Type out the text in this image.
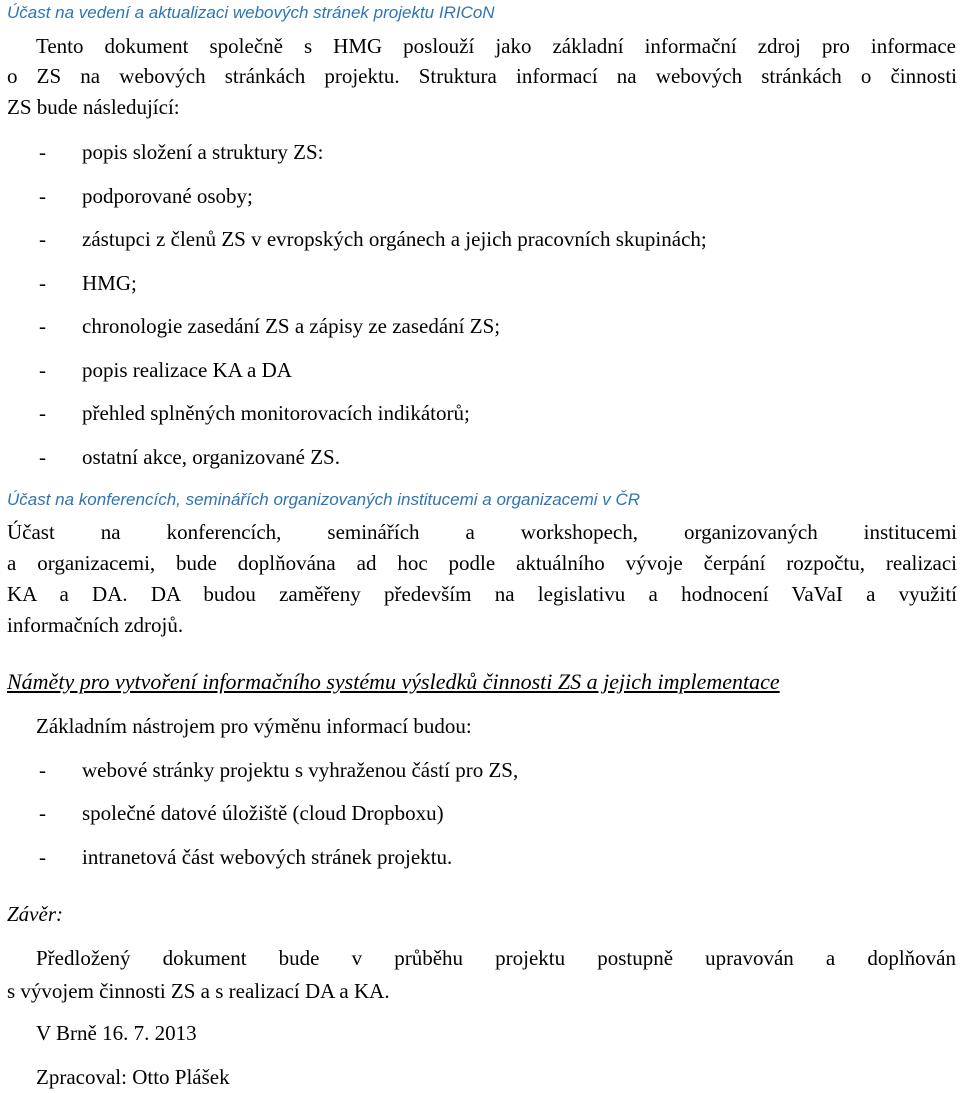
Účast na vedení a aktualizaci webových stránek projektu IRICoN
Tento dokument společně s HMG poslouží jako základní informační zdroj pro informace
o ZS na webových stránkách projektu. Struktura informací na webových stránkách o činnosti
ZS bude následující:
- popis složení a struktury ZS:
- podporované osoby;
- zástupci z členů ZS v evropských orgánech a jejich pracovních skupinách;
- HMG;
- chronologie zasedání ZS a zápisy ze zasedání ZS;
- popis realizace KA a DA
- přehled splněných monitorovacích indikátorů;
- ostatní akce, organizované ZS.
Účast na konferencích, seminářích organizovaných institucemi a organizacemi v ČR
Účast na konferencích, seminářích a workshopech, organizovaných institucemi
a organizacemi, bude doplňována ad hoc podle aktuálního vývoje čerpání rozpočtu, realizaci
KA a DA. DA budou zaměřeny především na legislativu a hodnocení VaVaI a využití
informačních zdrojů.
Náměty pro vytvoření informačního systému výsledků činnosti ZS a jejich implementace
Základním nástrojem pro výměnu informací budou:
- webové stránky projektu s vyhraženou částí pro ZS,
- společné datové úložiště (cloud Dropboxu)
- intranetová část webových stránek projektu.
Závěr:
Předložený dokument bude v průběhu projektu postupně upravován a doplňován
s vývojem činnosti ZS a s realizací DA a KA.
V Brně 16. 7. 2013
Zpracoval: Otto Plášek
